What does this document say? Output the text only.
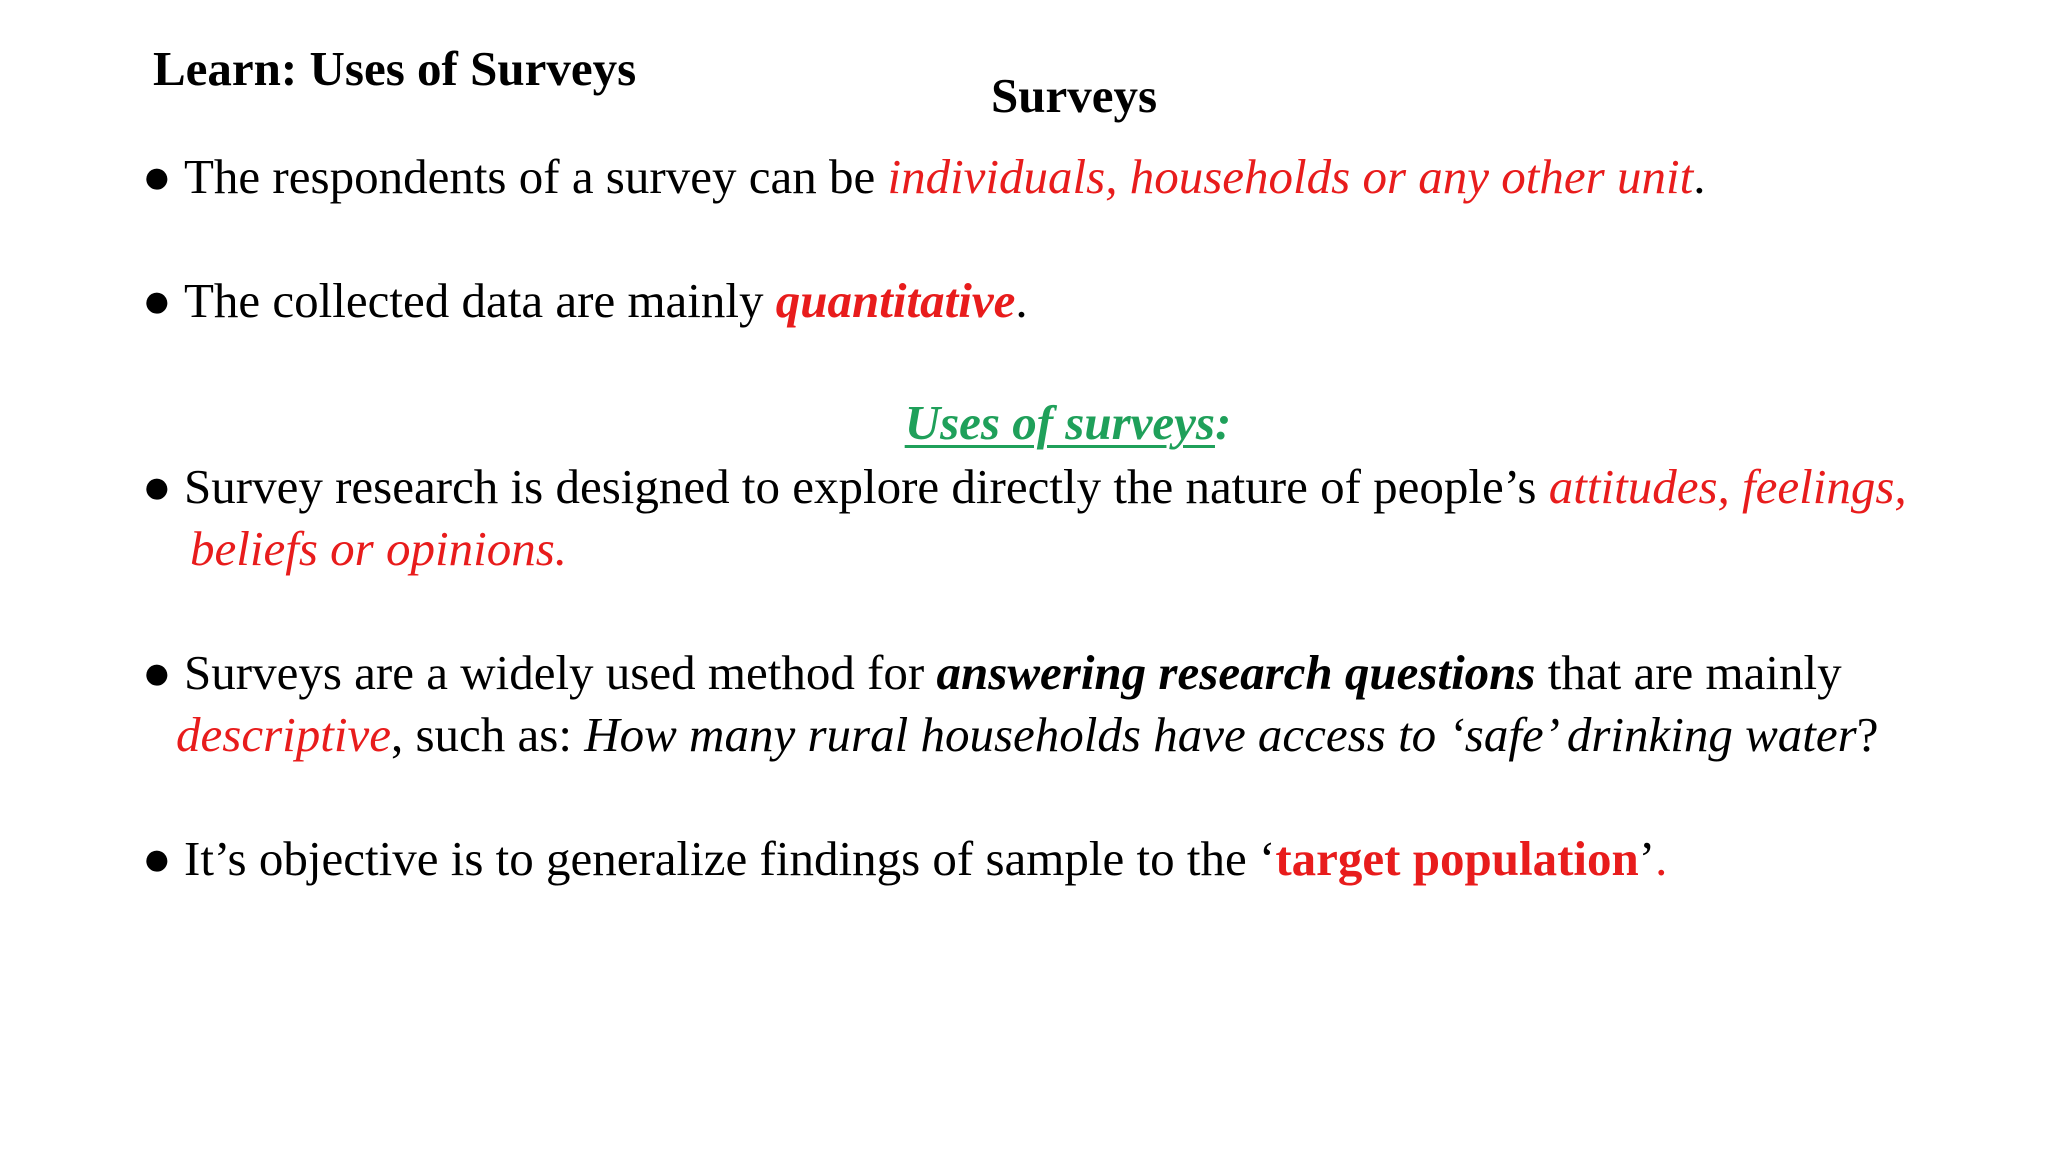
Learn: Uses of Surveys	Surveys
● The respondents of a survey can be individuals, households or any other unit.
● The collected data are mainly quantitative.
Uses of surveys:
● Survey research is designed to explore directly the nature of people’s attitudes, feelings,
beliefs or opinions.
● Surveys are a widely used method for answering research questions that are mainly
descriptive, such as: How many rural households have access to ‘safe’ drinking water?
● It’s objective is to generalize findings of sample to the ‘target population’.
